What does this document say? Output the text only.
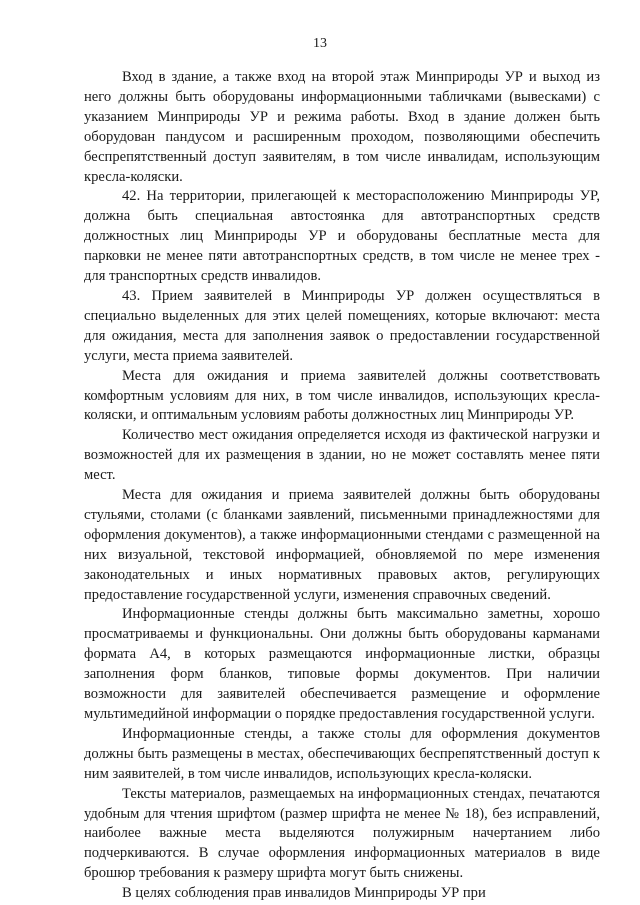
13

Вход в здание, а также вход на второй этаж Минприроды УР и выход из него должны быть оборудованы информационными табличками (вывесками) с указанием Минприроды УР и режима работы. Вход в здание должен быть оборудован пандусом и расширенным проходом, позволяющими обеспечить беспрепятственный доступ заявителям, в том числе инвалидам, использующим кресла-коляски.

42. На территории, прилегающей к месторасположению Минприроды УР, должна быть специальная автостоянка для автотранспортных средств должностных лиц Минприроды УР и оборудованы бесплатные места для парковки не менее пяти автотранспортных средств, в том числе не менее трех - для транспортных средств инвалидов.

43. Прием заявителей в Минприроды УР должен осуществляться в специально выделенных для этих целей помещениях, которые включают: места для ожидания, места для заполнения заявок о предоставлении государственной услуги, места приема заявителей.

Места для ожидания и приема заявителей должны соответствовать комфортным условиям для них, в том числе инвалидов, использующих кресла-коляски, и оптимальным условиям работы должностных лиц Минприроды УР.

Количество мест ожидания определяется исходя из фактической нагрузки и возможностей для их размещения в здании, но не может составлять менее пяти мест.

Места для ожидания и приема заявителей должны быть оборудованы стульями, столами (с бланками заявлений, письменными принадлежностями для оформления документов), а также информационными стендами с размещенной на них визуальной, текстовой информацией, обновляемой по мере изменения законодательных и иных нормативных правовых актов, регулирующих предоставление государственной услуги, изменения справочных сведений.

Информационные стенды должны быть максимально заметны, хорошо просматриваемы и функциональны. Они должны быть оборудованы карманами формата А4, в которых размещаются информационные листки, образцы заполнения форм бланков, типовые формы документов. При наличии возможности для заявителей обеспечивается размещение и оформление мультимедийной информации о порядке предоставления государственной услуги.

Информационные стенды, а также столы для оформления документов должны быть размещены в местах, обеспечивающих беспрепятственный доступ к ним заявителей, в том числе инвалидов, использующих кресла-коляски.

Тексты материалов, размещаемых на информационных стендах, печатаются удобным для чтения шрифтом (размер шрифта не менее № 18), без исправлений, наиболее важные места выделяются полужирным начертанием либо подчеркиваются. В случае оформления информационных материалов в виде брошюр требования к размеру шрифта могут быть снижены.

В целях соблюдения прав инвалидов Минприроды УР при
